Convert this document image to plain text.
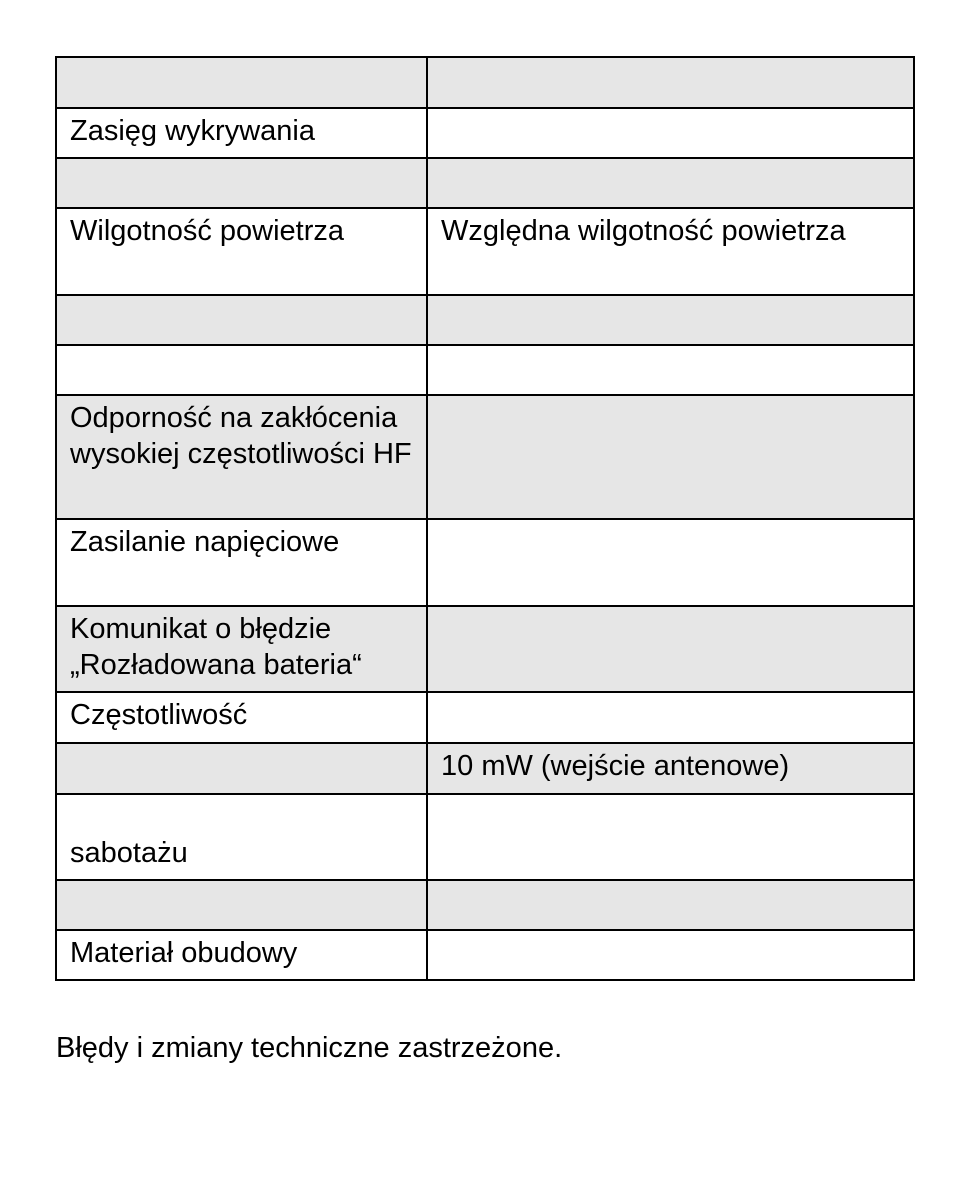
Zasięg wykrywania	

Wilgotność powietrza	Względna wilgotność powietrza

Odporność na zakłócenia wysokiej częstotliwości HF	
Zasilanie napięciowe	
Komunikat o błędzie „Rozładowana bateria“	
Częstotliwość	
	10 mW (wejście antenowe)
sabotażu	

Materiał obudowy	

Błędy i zmiany techniczne zastrzeżone.
